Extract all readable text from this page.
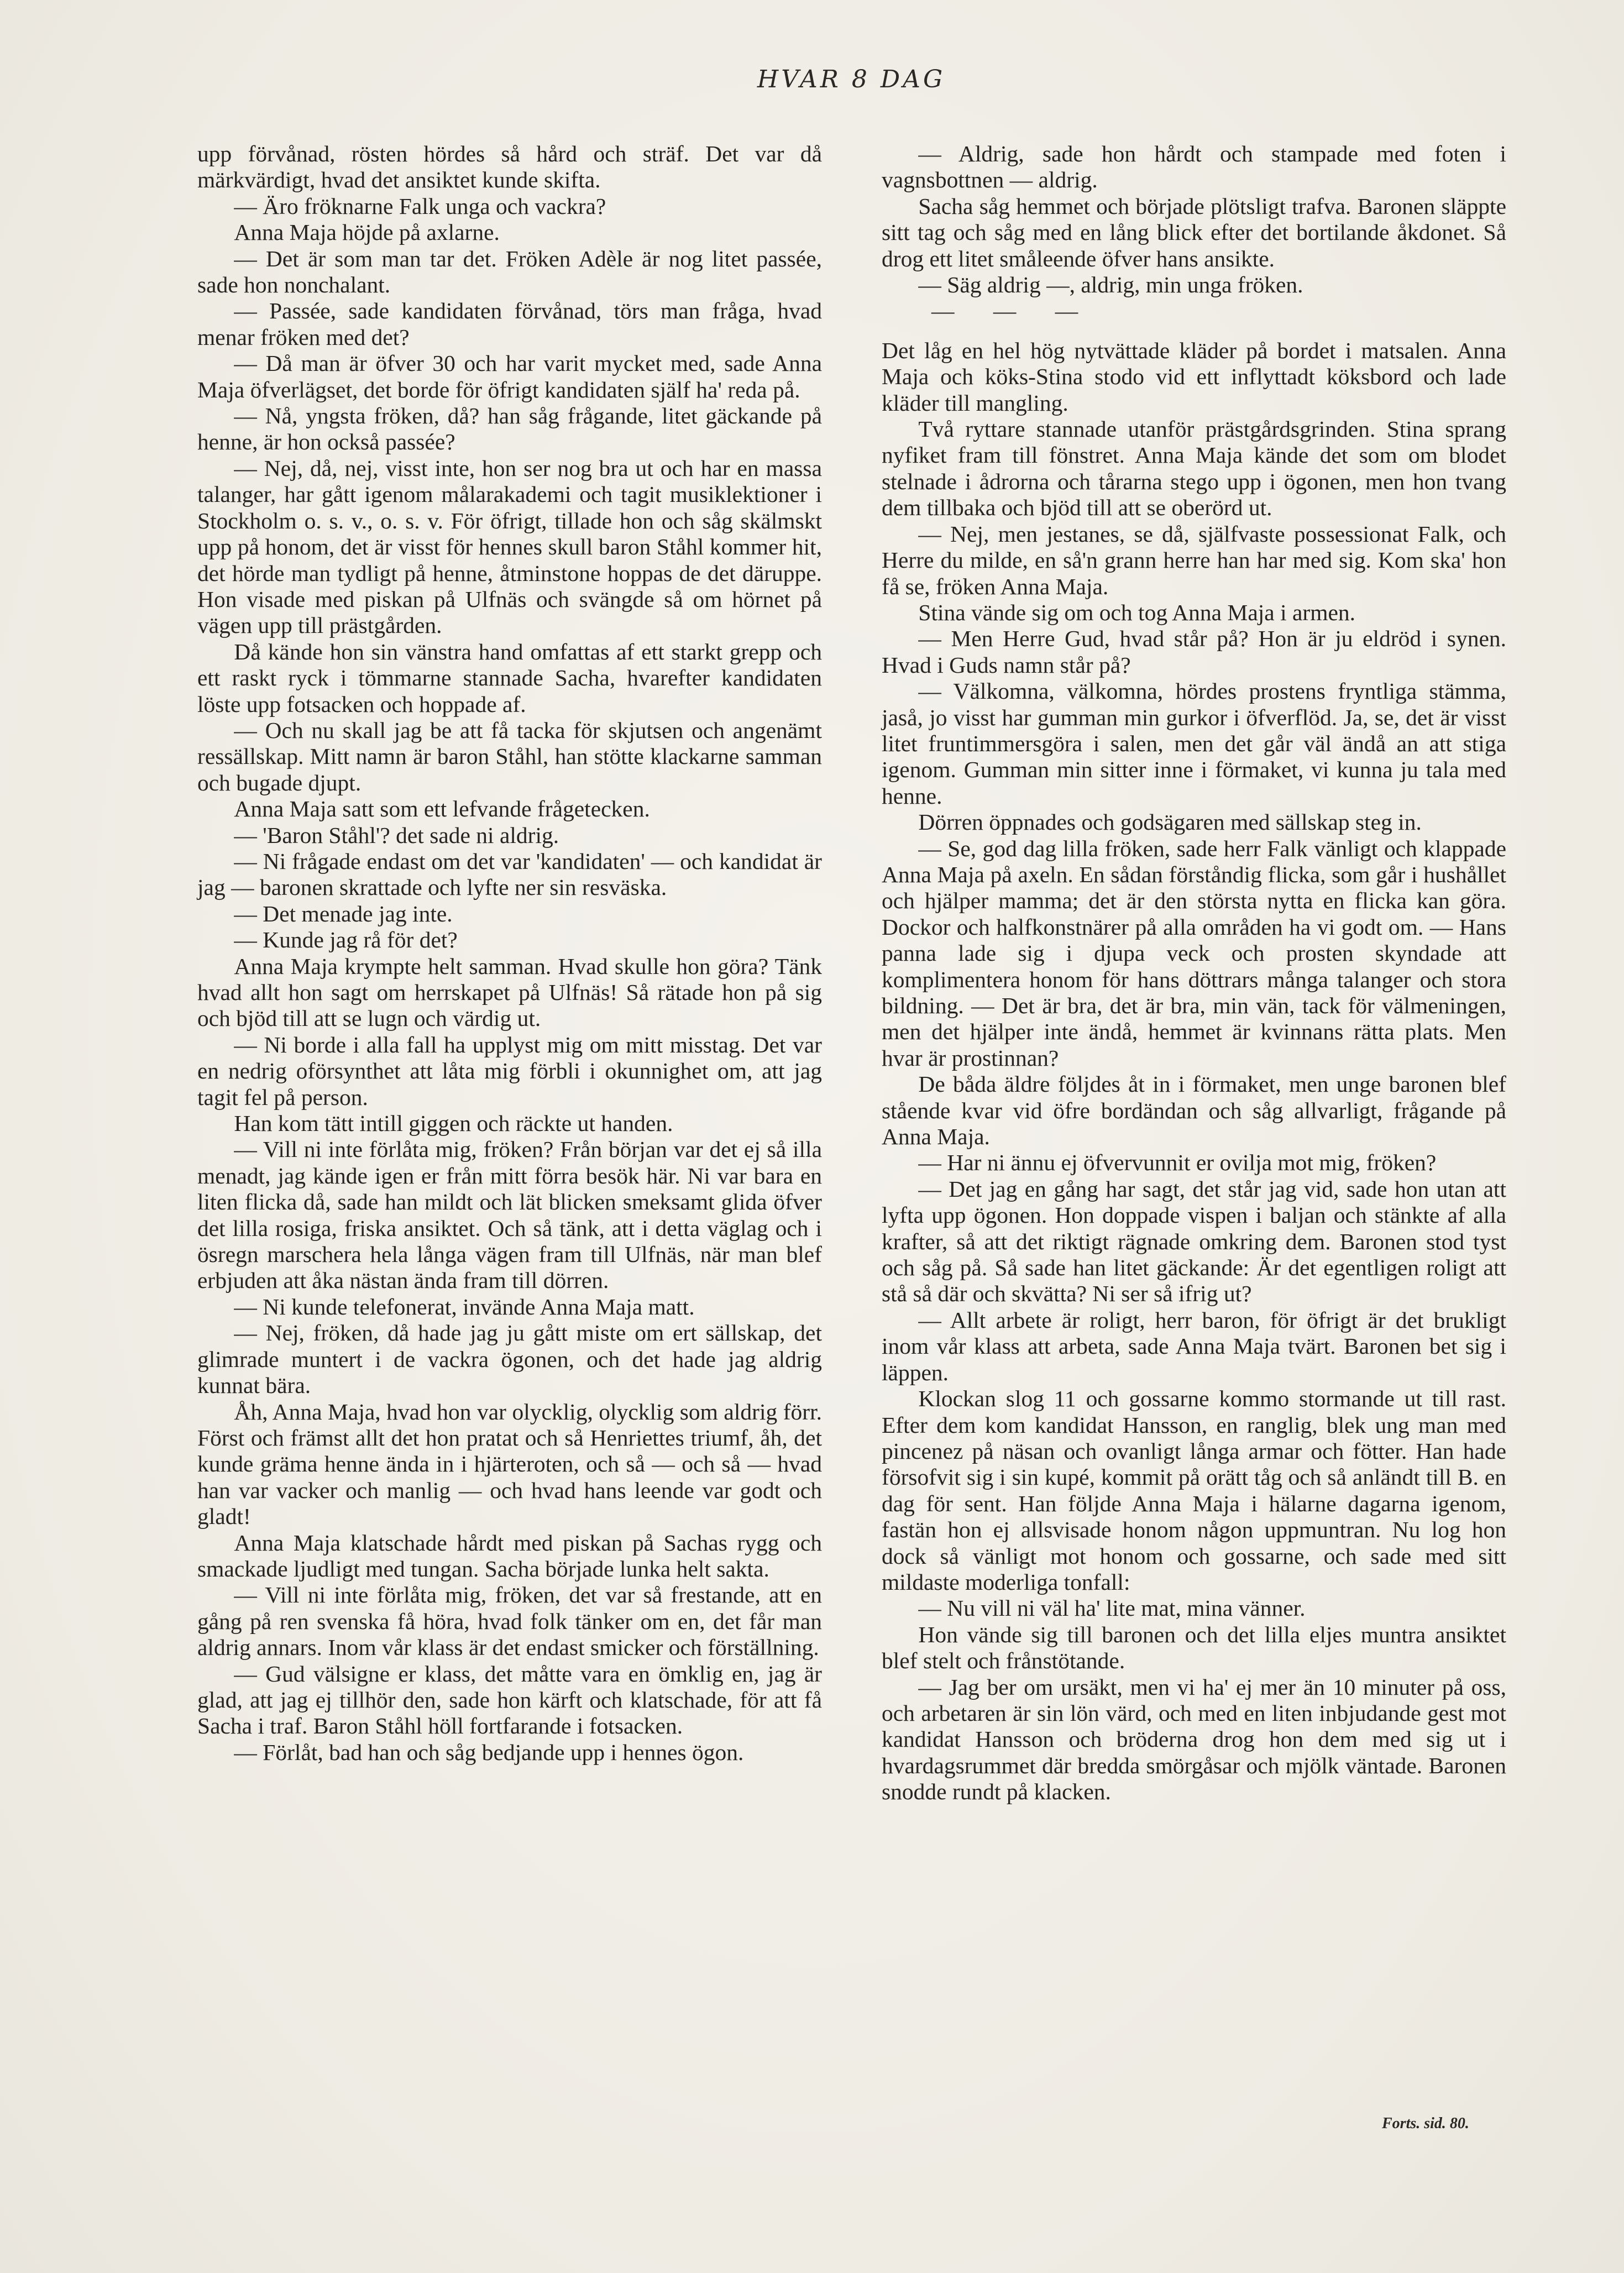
HVAR 8 DAG

upp förvånad, rösten hördes så hård och sträf. Det var då märkvärdigt, hvad det ansiktet kunde skifta.

— Äro fröknarne Falk unga och vackra?

Anna Maja höjde på axlarne.

— Det är som man tar det. Fröken Adèle är nog litet passée, sade hon nonchalant.

— Passée, sade kandidaten förvånad, törs man fråga, hvad menar fröken med det?

— Då man är öfver 30 och har varit mycket med, sade Anna Maja öfverlägset, det borde för öfrigt kandidaten själf ha' reda på.

— Nå, yngsta fröken, då? han såg frågande, litet gäckande på henne, är hon också passée?

— Nej, då, nej, visst inte, hon ser nog bra ut och har en massa talanger, har gått igenom målarakademi och tagit musiklektioner i Stockholm o. s. v., o. s. v. För öfrigt, tillade hon och såg skälmskt upp på honom, det är visst för hennes skull baron Ståhl kommer hit, det hörde man tydligt på henne, åtminstone hoppas de det däruppe. Hon visade med piskan på Ulfnäs och svängde så om hörnet på vägen upp till prästgården.

Då kände hon sin vänstra hand omfattas af ett starkt grepp och ett raskt ryck i tömmarne stannade Sacha, hvarefter kandidaten löste upp fotsacken och hoppade af.

— Och nu skall jag be att få tacka för skjutsen och angenämt ressällskap. Mitt namn är baron Ståhl, han stötte klackarne samman och bugade djupt.

Anna Maja satt som ett lefvande frågetecken.

— 'Baron Ståhl'? det sade ni aldrig.

— Ni frågade endast om det var 'kandidaten' — och kandidat är jag — baronen skrattade och lyfte ner sin resväska.

— Det menade jag inte.

— Kunde jag rå för det?

Anna Maja krympte helt samman. Hvad skulle hon göra? Tänk hvad allt hon sagt om herrskapet på Ulfnäs! Så rätade hon på sig och bjöd till att se lugn och värdig ut.

— Ni borde i alla fall ha upplyst mig om mitt misstag. Det var en nedrig oförsynthet att låta mig förbli i okunnighet om, att jag tagit fel på person.

Han kom tätt intill giggen och räckte ut handen.

— Vill ni inte förlåta mig, fröken? Från början var det ej så illa menadt, jag kände igen er från mitt förra besök här. Ni var bara en liten flicka då, sade han mildt och lät blicken smeksamt glida öfver det lilla rosiga, friska ansiktet. Och så tänk, att i detta väglag och i ösregn marschera hela långa vägen fram till Ulfnäs, när man blef erbjuden att åka nästan ända fram till dörren.

— Ni kunde telefonerat, invände Anna Maja matt.

— Nej, fröken, då hade jag ju gått miste om ert sällskap, det glimrade muntert i de vackra ögonen, och det hade jag aldrig kunnat bära.

Åh, Anna Maja, hvad hon var olycklig, olycklig som aldrig förr. Först och främst allt det hon pratat och så Henriettes triumf, åh, det kunde gräma henne ända in i hjärteroten, och så — och så — hvad han var vacker och manlig — och hvad hans leende var godt och gladt!

Anna Maja klatschade hårdt med piskan på Sachas rygg och smackade ljudligt med tungan. Sacha började lunka helt sakta.

— Vill ni inte förlåta mig, fröken, det var så frestande, att en gång på ren svenska få höra, hvad folk tänker om en, det får man aldrig annars. Inom vår klass är det endast smicker och förställning.

— Gud välsigne er klass, det måtte vara en ömklig en, jag är glad, att jag ej tillhör den, sade hon kärft och klatschade, för att få Sacha i traf. Baron Ståhl höll fortfarande i fotsacken.

— Förlåt, bad han och såg bedjande upp i hennes ögon.

— Aldrig, sade hon hårdt och stampade med foten i vagnsbottnen — aldrig.

Sacha såg hemmet och började plötsligt trafva. Baronen släppte sitt tag och såg med en lång blick efter det bortilande åkdonet. Så drog ett litet småleende öfver hans ansikte.

— Säg aldrig —, aldrig, min unga fröken.

— — —

Det låg en hel hög nytvättade kläder på bordet i matsalen. Anna Maja och köks-Stina stodo vid ett inflyttadt köksbord och lade kläder till mangling.

Två ryttare stannade utanför prästgårdsgrinden. Stina sprang nyfiket fram till fönstret. Anna Maja kände det som om blodet stelnade i ådrorna och tårarna stego upp i ögonen, men hon tvang dem tillbaka och bjöd till att se oberörd ut.

— Nej, men jestanes, se då, själfvaste possessionat Falk, och Herre du milde, en så'n grann herre han har med sig. Kom ska' hon få se, fröken Anna Maja.

Stina vände sig om och tog Anna Maja i armen.

— Men Herre Gud, hvad står på? Hon är ju eldröd i synen. Hvad i Guds namn står på?

— Välkomna, välkomna, hördes prostens fryntliga stämma, jaså, jo visst har gumman min gurkor i öfverflöd. Ja, se, det är visst litet fruntimmersgöra i salen, men det går väl ändå an att stiga igenom. Gumman min sitter inne i förmaket, vi kunna ju tala med henne.

Dörren öppnades och godsägaren med sällskap steg in.

— Se, god dag lilla fröken, sade herr Falk vänligt och klappade Anna Maja på axeln. En sådan förståndig flicka, som går i hushållet och hjälper mamma; det är den största nytta en flicka kan göra. Dockor och halfkonstnärer på alla områden ha vi godt om. — Hans panna lade sig i djupa veck och prosten skyndade att komplimentera honom för hans döttrars många talanger och stora bildning. — Det är bra, det är bra, min vän, tack för välmeningen, men det hjälper inte ändå, hemmet är kvinnans rätta plats. Men hvar är prostinnan?

De båda äldre följdes åt in i förmaket, men unge baronen blef stående kvar vid öfre bordändan och såg allvarligt, frågande på Anna Maja.

— Har ni ännu ej öfvervunnit er ovilja mot mig, fröken?

— Det jag en gång har sagt, det står jag vid, sade hon utan att lyfta upp ögonen. Hon doppade vispen i baljan och stänkte af alla krafter, så att det riktigt rägnade omkring dem. Baronen stod tyst och såg på. Så sade han litet gäckande: Är det egentligen roligt att stå så där och skvätta? Ni ser så ifrig ut?

— Allt arbete är roligt, herr baron, för öfrigt är det brukligt inom vår klass att arbeta, sade Anna Maja tvärt. Baronen bet sig i läppen.

Klockan slog 11 och gossarne kommo stormande ut till rast. Efter dem kom kandidat Hansson, en ranglig, blek ung man med pincenez på näsan och ovanligt långa armar och fötter. Han hade försofvit sig i sin kupé, kommit på orätt tåg och så anländt till B. en dag för sent. Han följde Anna Maja i hälarne dagarna igenom, fastän hon ej allsvisade honom någon uppmuntran. Nu log hon dock så vänligt mot honom och gossarne, och sade med sitt mildaste moderliga tonfall:

— Nu vill ni väl ha' lite mat, mina vänner.

Hon vände sig till baronen och det lilla eljes muntra ansiktet blef stelt och frånstötande.

— Jag ber om ursäkt, men vi ha' ej mer än 10 minuter på oss, och arbetaren är sin lön värd, och med en liten inbjudande gest mot kandidat Hansson och bröderna drog hon dem med sig ut i hvardagsrummet där bredda smörgåsar och mjölk väntade. Baronen snodde rundt på klacken.

Forts. sid. 80.
